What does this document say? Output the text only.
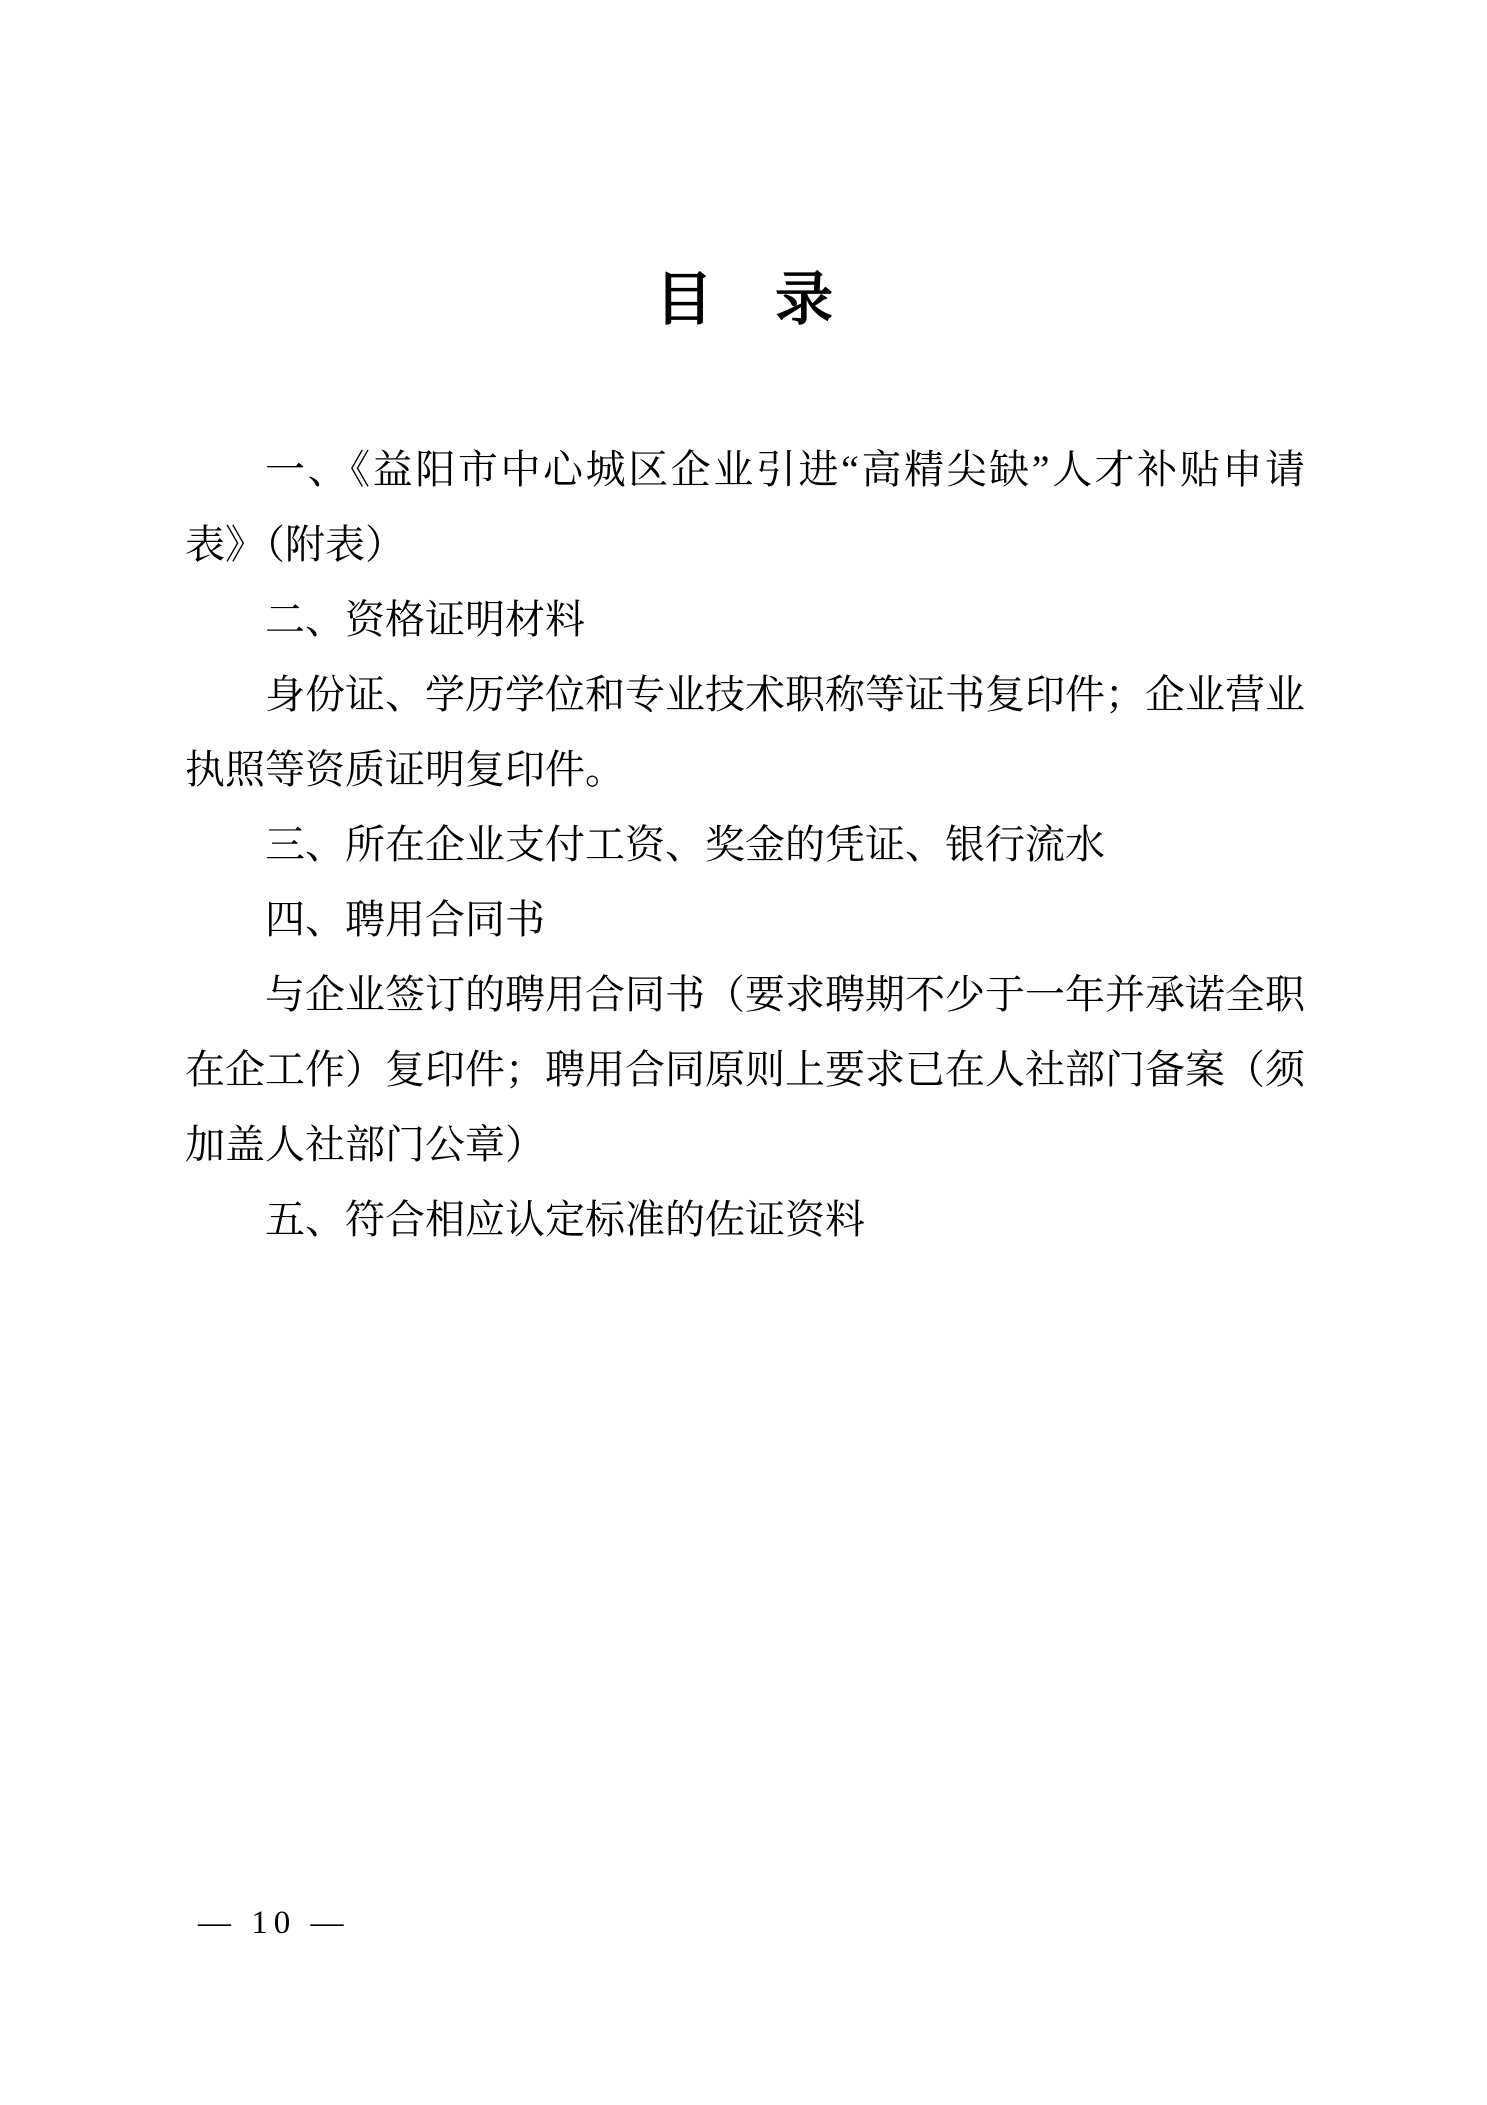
目　录
一、《益阳市中心城区企业引进“高精尖缺”人才补贴申请
表》（附表）
二、资格证明材料
身份证、学历学位和专业技术职称等证书复印件；企业营业
执照等资质证明复印件。
三、所在企业支付工资、奖金的凭证、银行流水
四、聘用合同书
与企业签订的聘用合同书（要求聘期不少于一年并承诺全职
在企工作）复印件；聘用合同原则上要求已在人社部门备案（须
加盖人社部门公章）
五、符合相应认定标准的佐证资料
— 10 —
